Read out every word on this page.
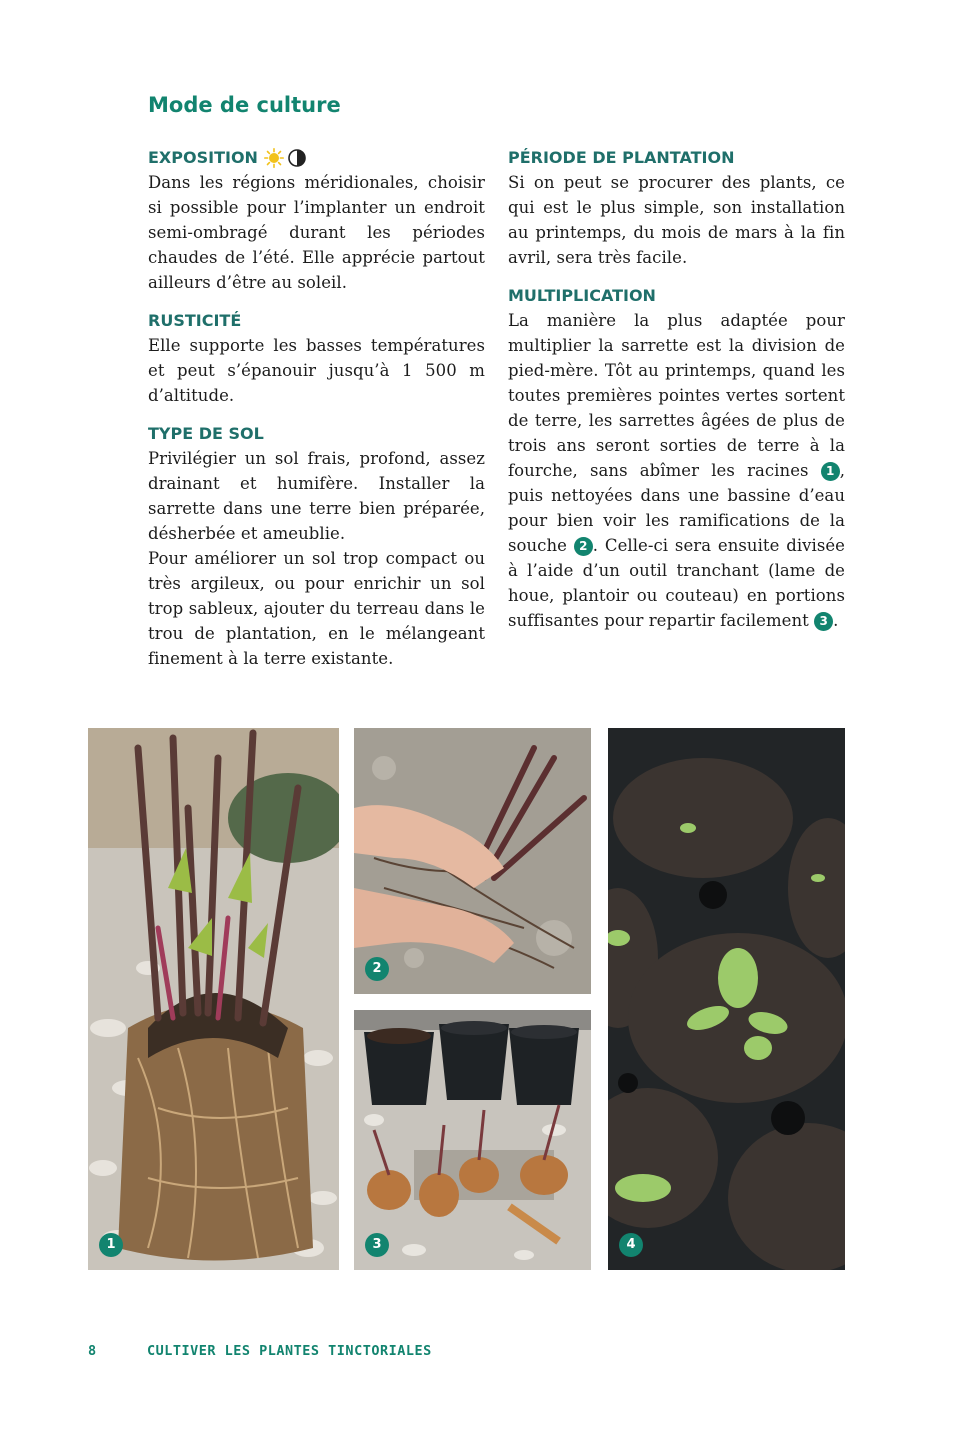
Mode de culture
EXPOSITION

Dans les régions méridionales, choisir si possible pour l’implanter un endroit semi-ombragé durant les périodes chaudes de l’été. Elle apprécie partout ailleurs d’être au soleil.

RUSTICITÉ

Elle supporte les basses températures et peut s’épanouir jusqu’à 1 500 m d’altitude.

TYPE DE SOL

Privilégier un sol frais, profond, assez drainant et humifère. Installer la sarrette dans une terre bien préparée, désherbée et ameublie.

Pour améliorer un sol trop compact ou très argileux, ou pour enrichir un sol trop sableux, ajouter du terreau dans le trou de plantation, en le mélangeant finement à la terre existante.

PÉRIODE DE PLANTATION

Si on peut se procurer des plants, ce qui est le plus simple, son installation au printemps, du mois de mars à la fin avril, sera très facile.

MULTIPLICATION

La manière la plus adaptée pour multiplier la sarrette est la division de pied-mère. Tôt au printemps, quand les toutes premières pointes vertes sortent de terre, les sarrettes âgées de plus de trois ans seront sorties de terre à la fourche, sans abîmer les racines 1 , puis nettoyées dans une bassine d’eau pour bien voir les ramifications de la souche 2 . Celle-ci sera ensuite divisée à l’aide d’un outil tranchant (lame de houe, plantoir ou couteau) en portions suffisantes pour repartir facilement 3 .

1
2
3	4
8	CULTIVER LES PLANTES TINCTORIALES
